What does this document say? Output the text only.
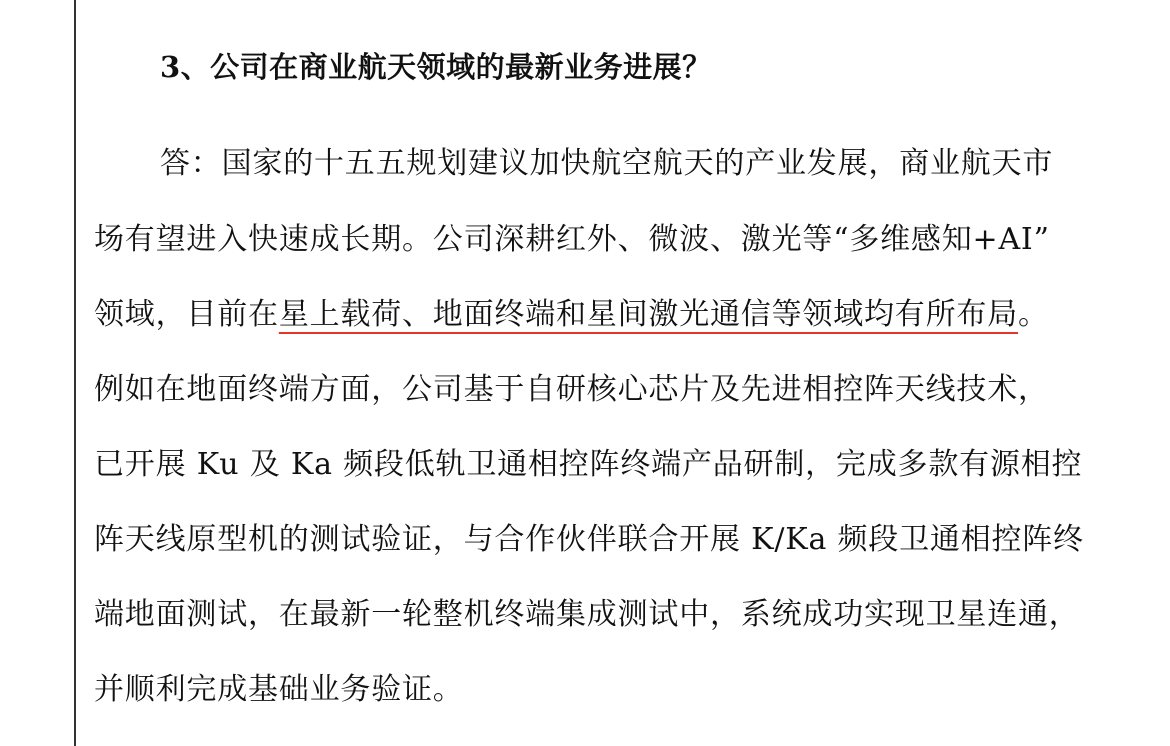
3、公司在商业航天领域的最新业务进展？
答：国家的十五五规划建议加快航空航天的产业发展，商业航天市
场有望进入快速成长期。公司深耕红外、微波、激光等“多维感知+AI”
领域，目前在星上载荷、地面终端和星间激光通信等领域均有所布局。
例如在地面终端方面，公司基于自研核心芯片及先进相控阵天线技术，
已开展 Ku 及 Ka 频段低轨卫通相控阵终端产品研制，完成多款有源相控
阵天线原型机的测试验证，与合作伙伴联合开展 K/Ka 频段卫通相控阵终
端地面测试，在最新一轮整机终端集成测试中，系统成功实现卫星连通，
并顺利完成基础业务验证。
